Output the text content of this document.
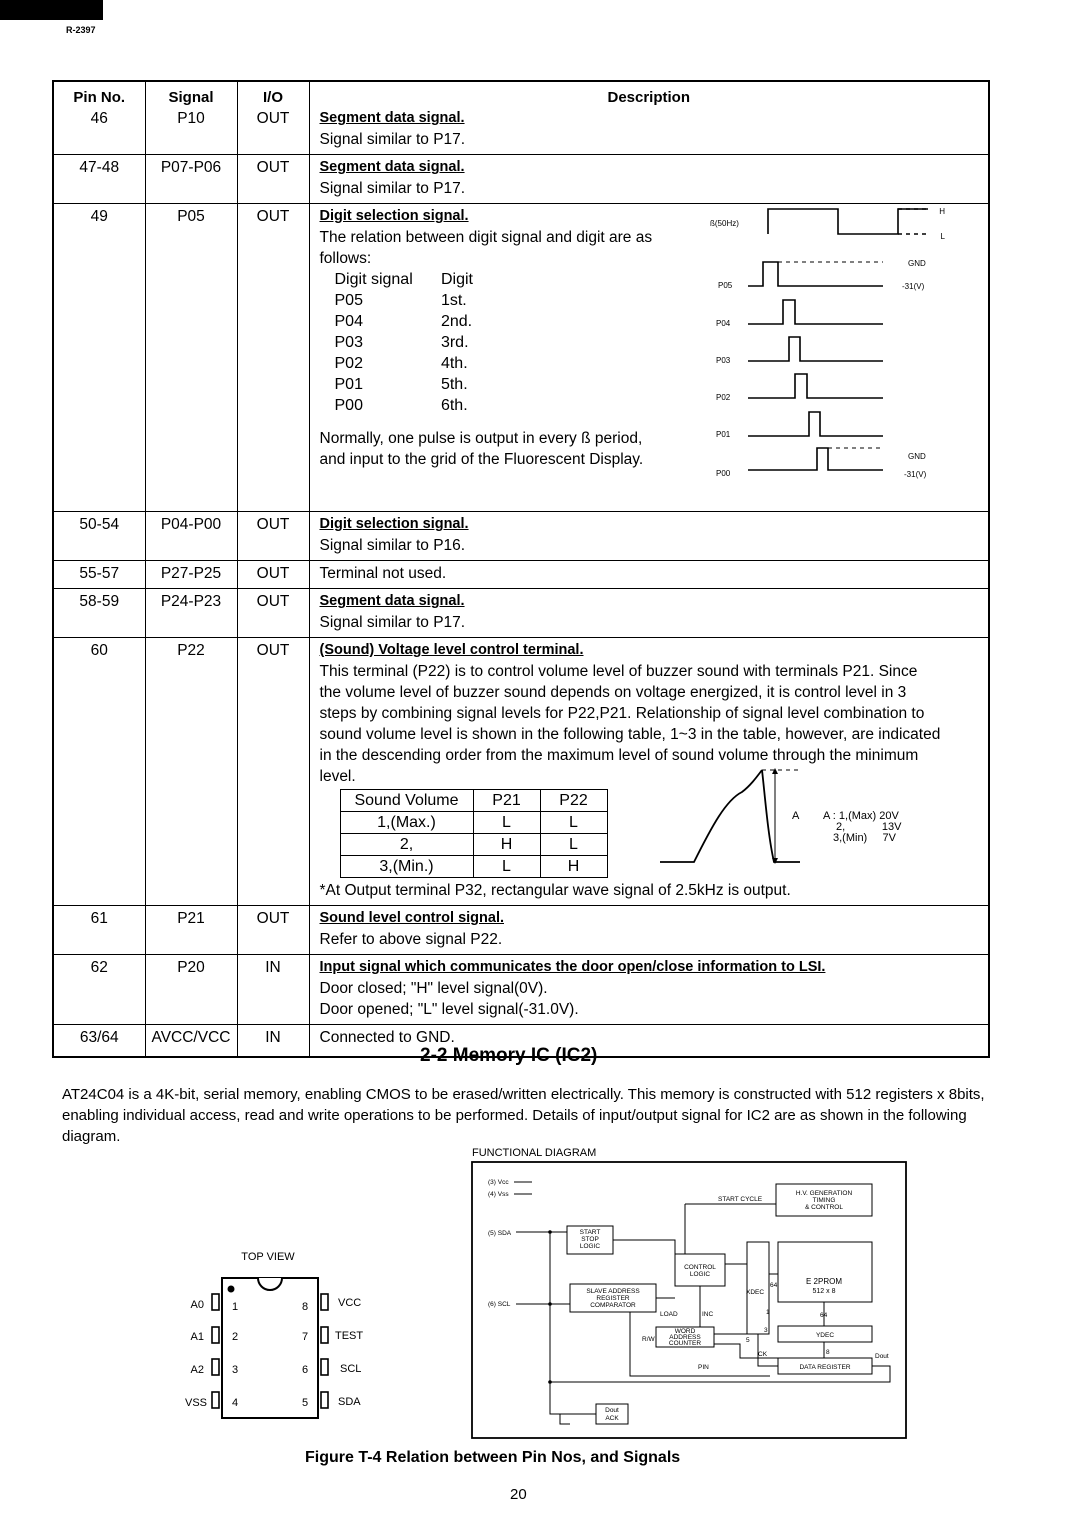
R-2397
Pin No.	Signal	I/O	Description
46	P10	OUT	Segment data signal.
Signal similar to P17.

47-48	P07-P06	OUT	Segment data signal.
Signal similar to P17.

49	P05	OUT	Digit selection signal.
The relation between digit signal and digit are as
follows:
Digit signal	Digit
P05	1st.
P04	2nd.
P03	3rd.
P02	4th.
P01	5th.
P00	6th.
Normally, one pulse is output in every ß period,
and input to the grid of the Fluorescent Display.
ß(50Hz)
H
L
GND
-31(V)
P05
P04
P03
P02
P01
P00
GND
-31(V)

50-54	P04-P00	OUT	Digit selection signal.
Signal similar to P16.

55-57	P27-P25	OUT	Terminal not used.

58-59	P24-P23	OUT	Segment data signal.
Signal similar to P17.

60	P22	OUT	(Sound) Voltage level control terminal.
This terminal (P22) is to control volume level of buzzer sound with terminals P21. Since
the volume level of buzzer sound depends on voltage energized, it is control level in 3
steps by combining signal levels for P22,P21. Relationship of signal level combination to
sound volume level is shown in the following table, 1~3 in the table, however, are indicated
in the descending order from the maximum level of sound volume through the minimum
level.
Sound Volume	P21	P22
1,(Max.)	L	L
2,	H	L
3,(Min.)	L	H
*At Output terminal P32, rectangular wave signal of 2.5kHz is output.
A A : 1,(Max) 20V
2,            13V
3,(Min)     7V

61	P21	OUT	Sound level control signal.
Refer to above signal P22.

62	P20	IN	Input signal which communicates the door open/close information to LSI.
Door closed; "H" level signal(0V).
Door opened; "L" level signal(-31.0V).

63/64	AVCC/VCC	IN	Connected to GND.
2-2 Memory IC (IC2)
AT24C04 is a 4K-bit, serial memory, enabling CMOS to be erased/written electrically. This memory is constructed with 512 registers x 8bits, enabling individual access, read and write operations to be performed. Details of input/output signal for IC2 are as shown in the following diagram.
TOP VIEW
A0
A1
A2
VSS
1
2
3
4
8
7
6
5
VCC
TEST
SCL
SDA
FUNCTIONAL DIAGRAM
(3) Vcc
(4) Vss
(5) SDA
(6) SCL
START CYCLE
H.V. GENERATION
TIMING
& CONTROL
START
STOP
LOGIC
CONTROL
LOGIC
SLAVE ADDRESS
REGISTER
COMPARATOR
LOAD	INC
WORD
ADDRESS
COUNTER
XDEC
64
64
1
5
3
8
E 2PROM
512 x 8
YDEC
R/W
CK
PIN	DATA REGISTER
Dout
Dout
ACK
Figure T-4 Relation between Pin Nos, and Signals
20
